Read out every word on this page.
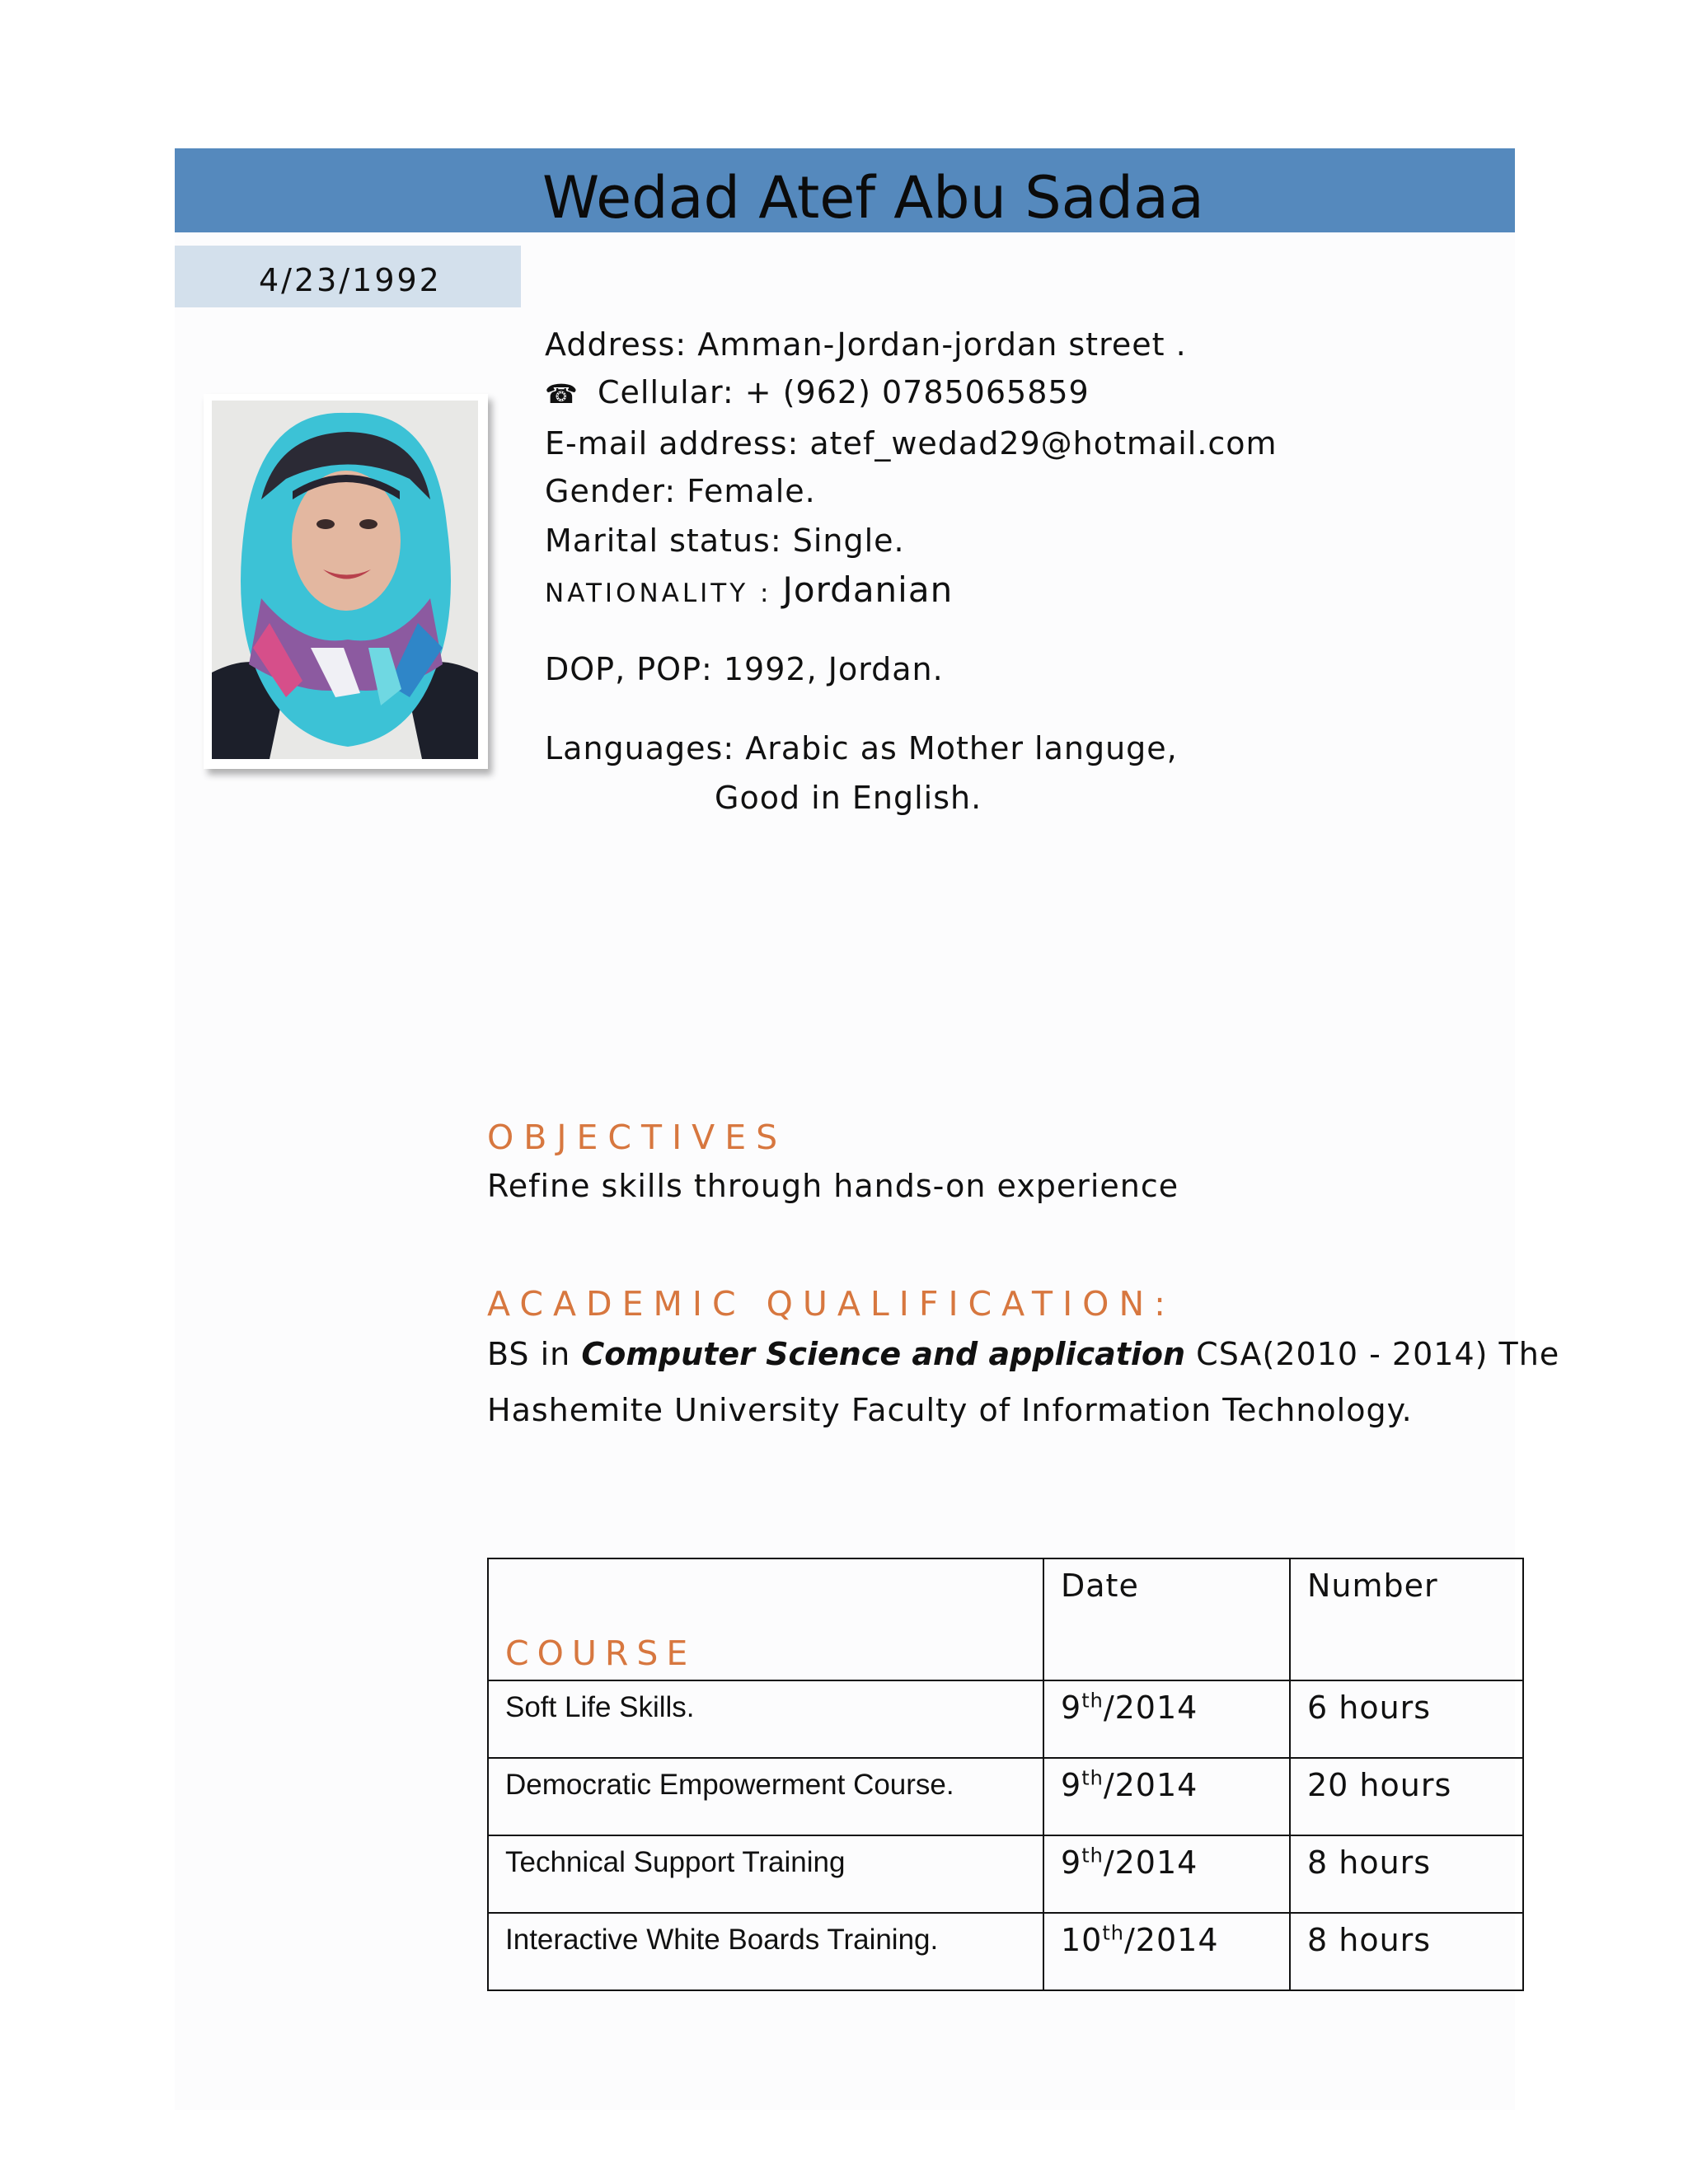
Wedad Atef Abu Sadaa
4/23/1992
Address: Amman-Jordan-jordan street .
☎ Cellular: + (962) 0785065859
E-mail address: atef_wedad29@hotmail.com
Gender: Female.
Marital status: Single.
NATIONALITY : Jordanian
DOP, POP: 1992, Jordan.
Languages: Arabic as Mother languge,
Good in English.
OBJECTIVES
Refine skills through hands-on experience
ACADEMIC QUALIFICATION:
BS in Computer Science and application CSA(2010 - 2014) The
Hashemite University Faculty of Information Technology.
COURSE	Date	Number
Soft Life Skills.	9th/2014	6 hours
Democratic Empowerment Course.	9th/2014	20 hours
Technical Support Training	9th/2014	8 hours
Interactive White Boards Training.	10th/2014	8 hours
